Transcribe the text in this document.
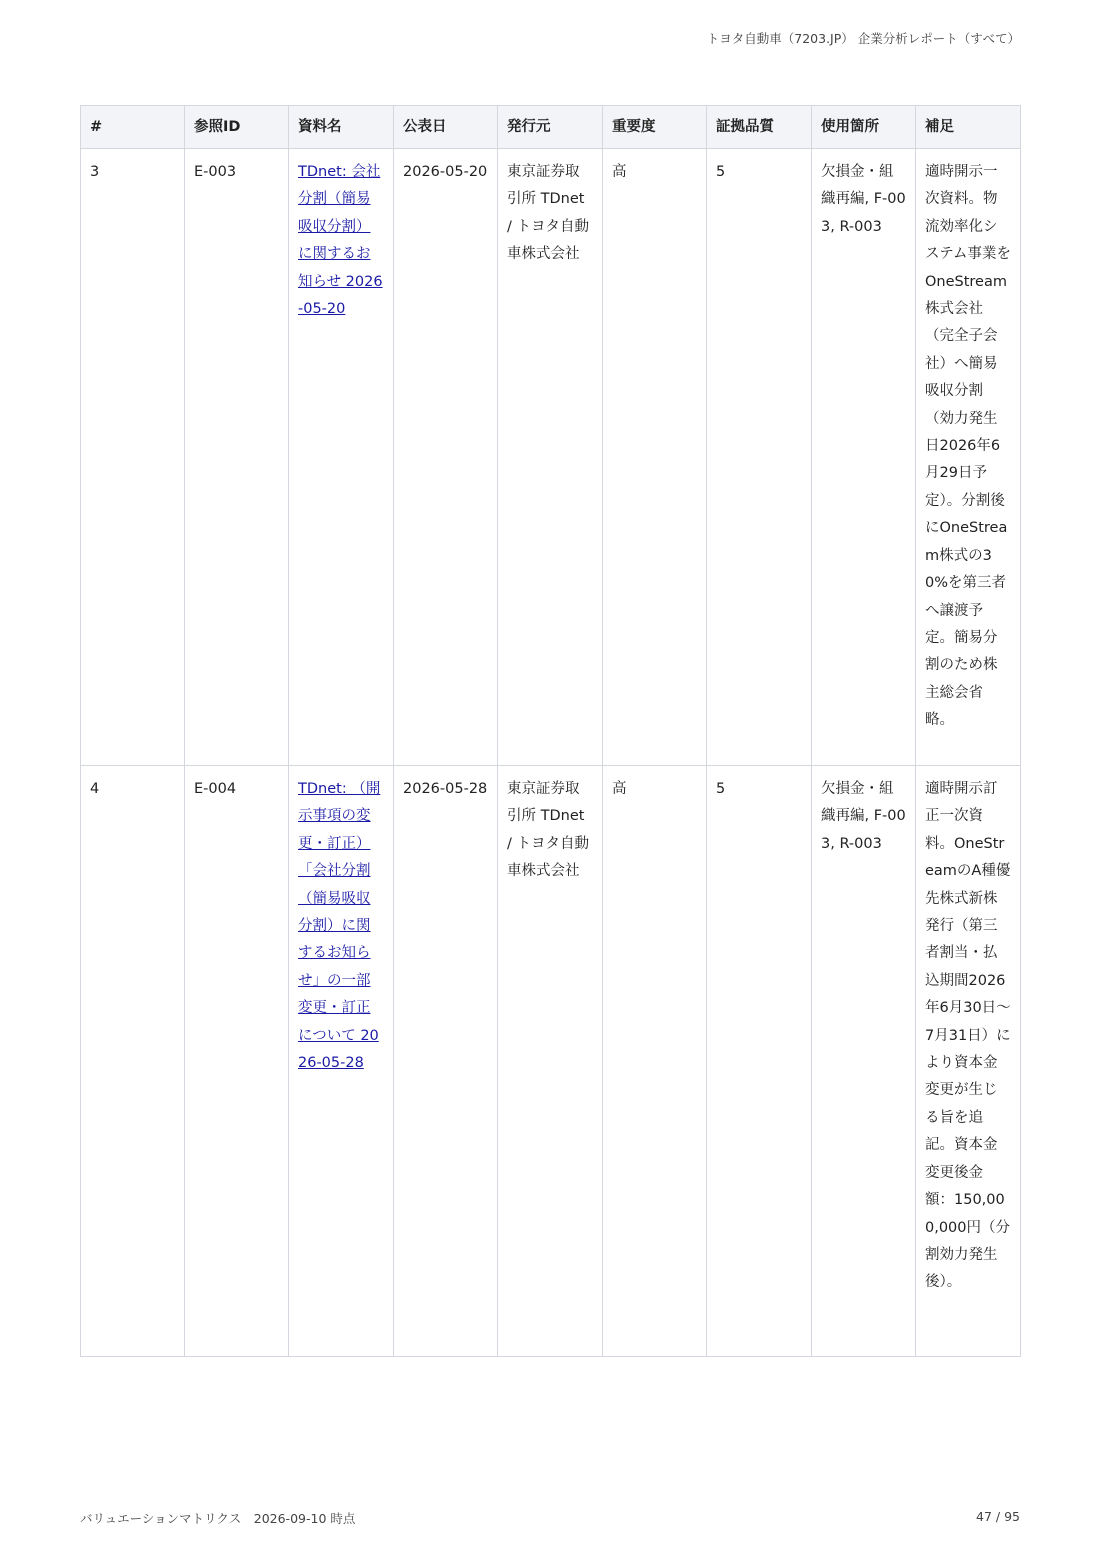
トヨタ自動車（7203.JP） 企業分析レポート（すべて）
#	参照ID	資料名	公表日	発行元	重要度	証拠品質	使用箇所	補足
3	E-003	TDnet: 会社分割（簡易吸収分割）に関するお知らせ 2026-05-20	2026-05-20	東京証券取引所 TDnet / トヨタ自動車株式会社	高	5	欠損金・組織再編, F-003, R-003	適時開示一次資料。物流効率化システム事業をOneStream株式会社（完全子会社）へ簡易吸収分割（効力発生日2026年6月29日予定）。分割後にOneStream株式の30%を第三者へ譲渡予定。簡易分割のため株主総会省略。
4	E-004	TDnet: （開示事項の変更・訂正）「会社分割（簡易吸収分割）に関するお知らせ」の一部変更・訂正について 2026-05-28	2026-05-28	東京証券取引所 TDnet / トヨタ自動車株式会社	高	5	欠損金・組織再編, F-003, R-003	適時開示訂正一次資料。OneStreamのA種優先株式新株発行（第三者割当・払込期間2026年6月30日〜7月31日）により資本金変更が生じる旨を追記。資本金変更後金額：150,000,000円（分割効力発生後）。
バリュエーションマトリクス　2026-09-10 時点	47 / 95
